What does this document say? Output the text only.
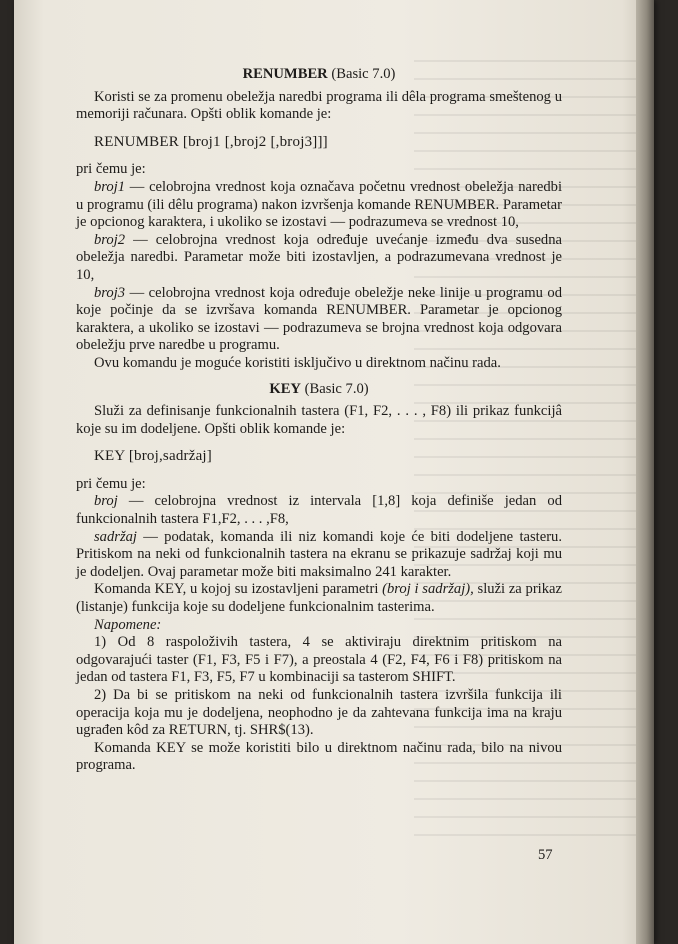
RENUMBER (Basic 7.0)

Koristi se za promenu obeležja naredbi programa ili dêla programa smeštenog u memoriji računara. Opšti oblik komande je:

RENUMBER [broj1 [,broj2 [,broj3]]]

pri čemu je:

broj1 — celobrojna vrednost koja označava početnu vrednost obeležja naredbi u programu (ili dêlu programa) nakon izvršenja komande RENUMBER. Parametar je opcionog karaktera, i ukoliko se izostavi — podrazumeva se vrednost 10,

broj2 — celobrojna vrednost koja određuje uvećanje između dva susedna obeležja naredbi. Parametar može biti izostavljen, a podrazumevana vrednost je 10,

broj3 — celobrojna vrednost koja određuje obeležje neke linije u programu od koje počinje da se izvršava komanda RENUMBER. Parametar je opcionog karaktera, a ukoliko se izostavi — podrazumeva se brojna vrednost koja odgovara obeležju prve naredbe u programu.

Ovu komandu je moguće koristiti isključivo u direktnom načinu rada.

KEY (Basic 7.0)

Služi za definisanje funkcionalnih tastera (F1, F2, . . . , F8) ili prikaz funkcijâ koje su im dodeljene. Opšti oblik komande je:

KEY [broj,sadržaj]

pri čemu je:

broj — celobrojna vrednost iz intervala [1,8] koja definiše jedan od funkcionalnih tastera F1,F2, . . . ,F8,

sadržaj — podatak, komanda ili niz komandi koje će biti dodeljene tasteru. Pritiskom na neki od funkcionalnih tastera na ekranu se prikazuje sadržaj koji mu je dodeljen. Ovaj parametar može biti maksimalno 241 karakter.

Komanda KEY, u kojoj su izostavljeni parametri (broj i sadržaj), služi za prikaz (listanje) funkcija koje su dodeljene funkcionalnim tasterima.

Napomene:

1) Od 8 raspoloživih tastera, 4 se aktiviraju direktnim pritiskom na odgovarajući taster (F1, F3, F5 i F7), a preostala 4 (F2, F4, F6 i F8) pritiskom na jedan od tastera F1, F3, F5, F7 u kombinaciji sa tasterom SHIFT.

2) Da bi se pritiskom na neki od funkcionalnih tastera izvršila funkcija ili operacija koja mu je dodeljena, neophodno je da zahtevana funkcija ima na kraju ugrađen kôd za RETURN, tj. SHR$(13).

Komanda KEY se može koristiti bilo u direktnom načinu rada, bilo na nivou programa.

57
